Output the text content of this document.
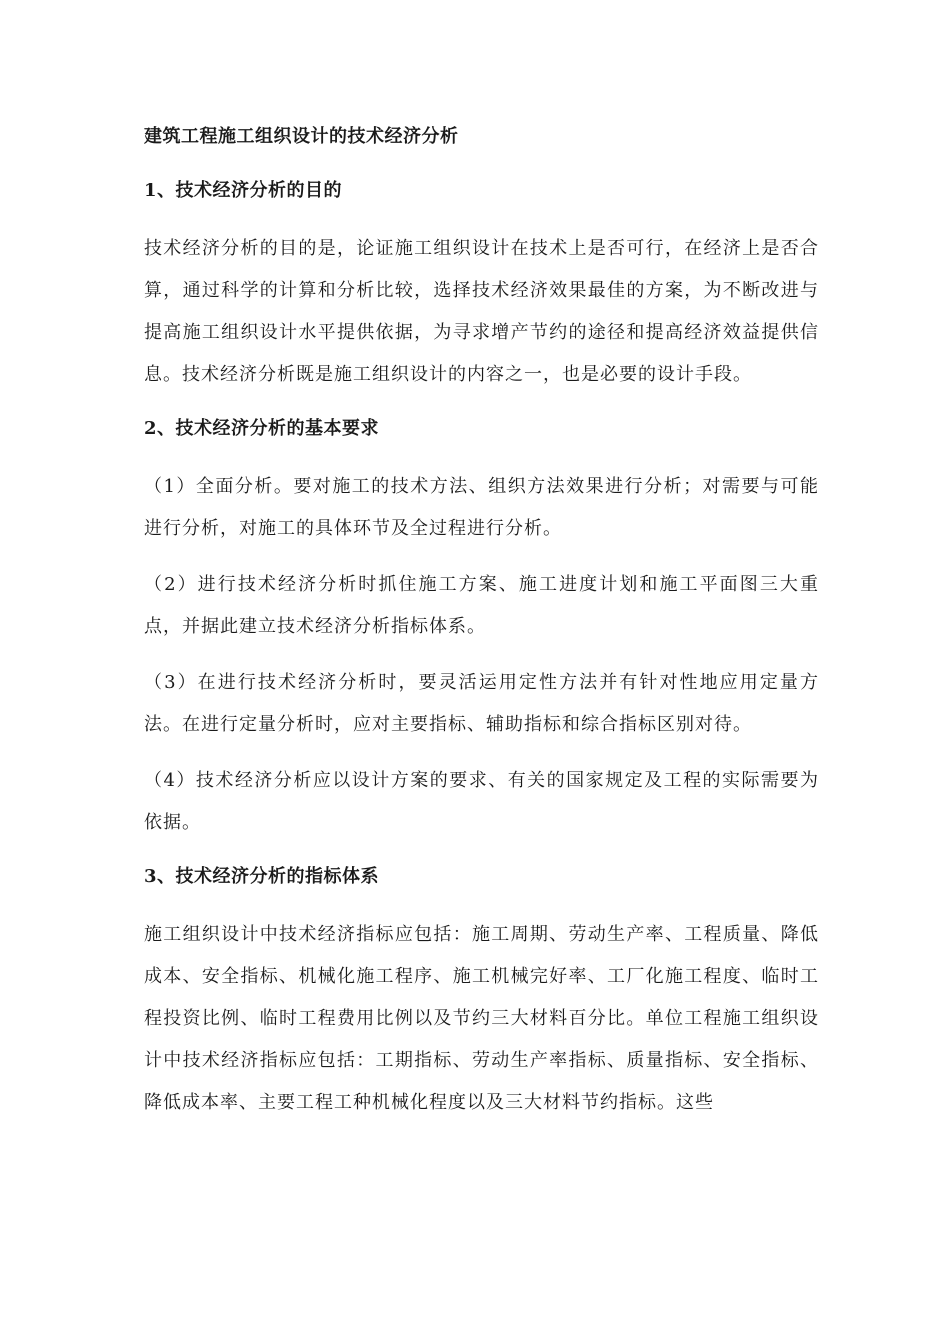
建筑工程施工组织设计的技术经济分析
1、技术经济分析的目的
技术经济分析的目的是，论证施工组织设计在技术上是否可行，在经济上是否合算，通过科学的计算和分析比较，选择技术经济效果最佳的方案，为不断改进与提高施工组织设计水平提供依据，为寻求增产节约的途径和提高经济效益提供信息。技术经济分析既是施工组织设计的内容之一，也是必要的设计手段。
2、技术经济分析的基本要求
（1）全面分析。要对施工的技术方法、组织方法效果进行分析；对需要与可能进行分析，对施工的具体环节及全过程进行分析。
（2）进行技术经济分析时抓住施工方案、施工进度计划和施工平面图三大重点，并据此建立技术经济分析指标体系。
（3）在进行技术经济分析时，要灵活运用定性方法并有针对性地应用定量方法。在进行定量分析时，应对主要指标、辅助指标和综合指标区别对待。
（4）技术经济分析应以设计方案的要求、有关的国家规定及工程的实际需要为依据。
3、技术经济分析的指标体系
施工组织设计中技术经济指标应包括：施工周期、劳动生产率、工程质量、降低成本、安全指标、机械化施工程序、施工机械完好率、工厂化施工程度、临时工程投资比例、临时工程费用比例以及节约三大材料百分比。单位工程施工组织设计中技术经济指标应包括：工期指标、劳动生产率指标、质量指标、安全指标、降低成本率、主要工程工种机械化程度以及三大材料节约指标。这些
